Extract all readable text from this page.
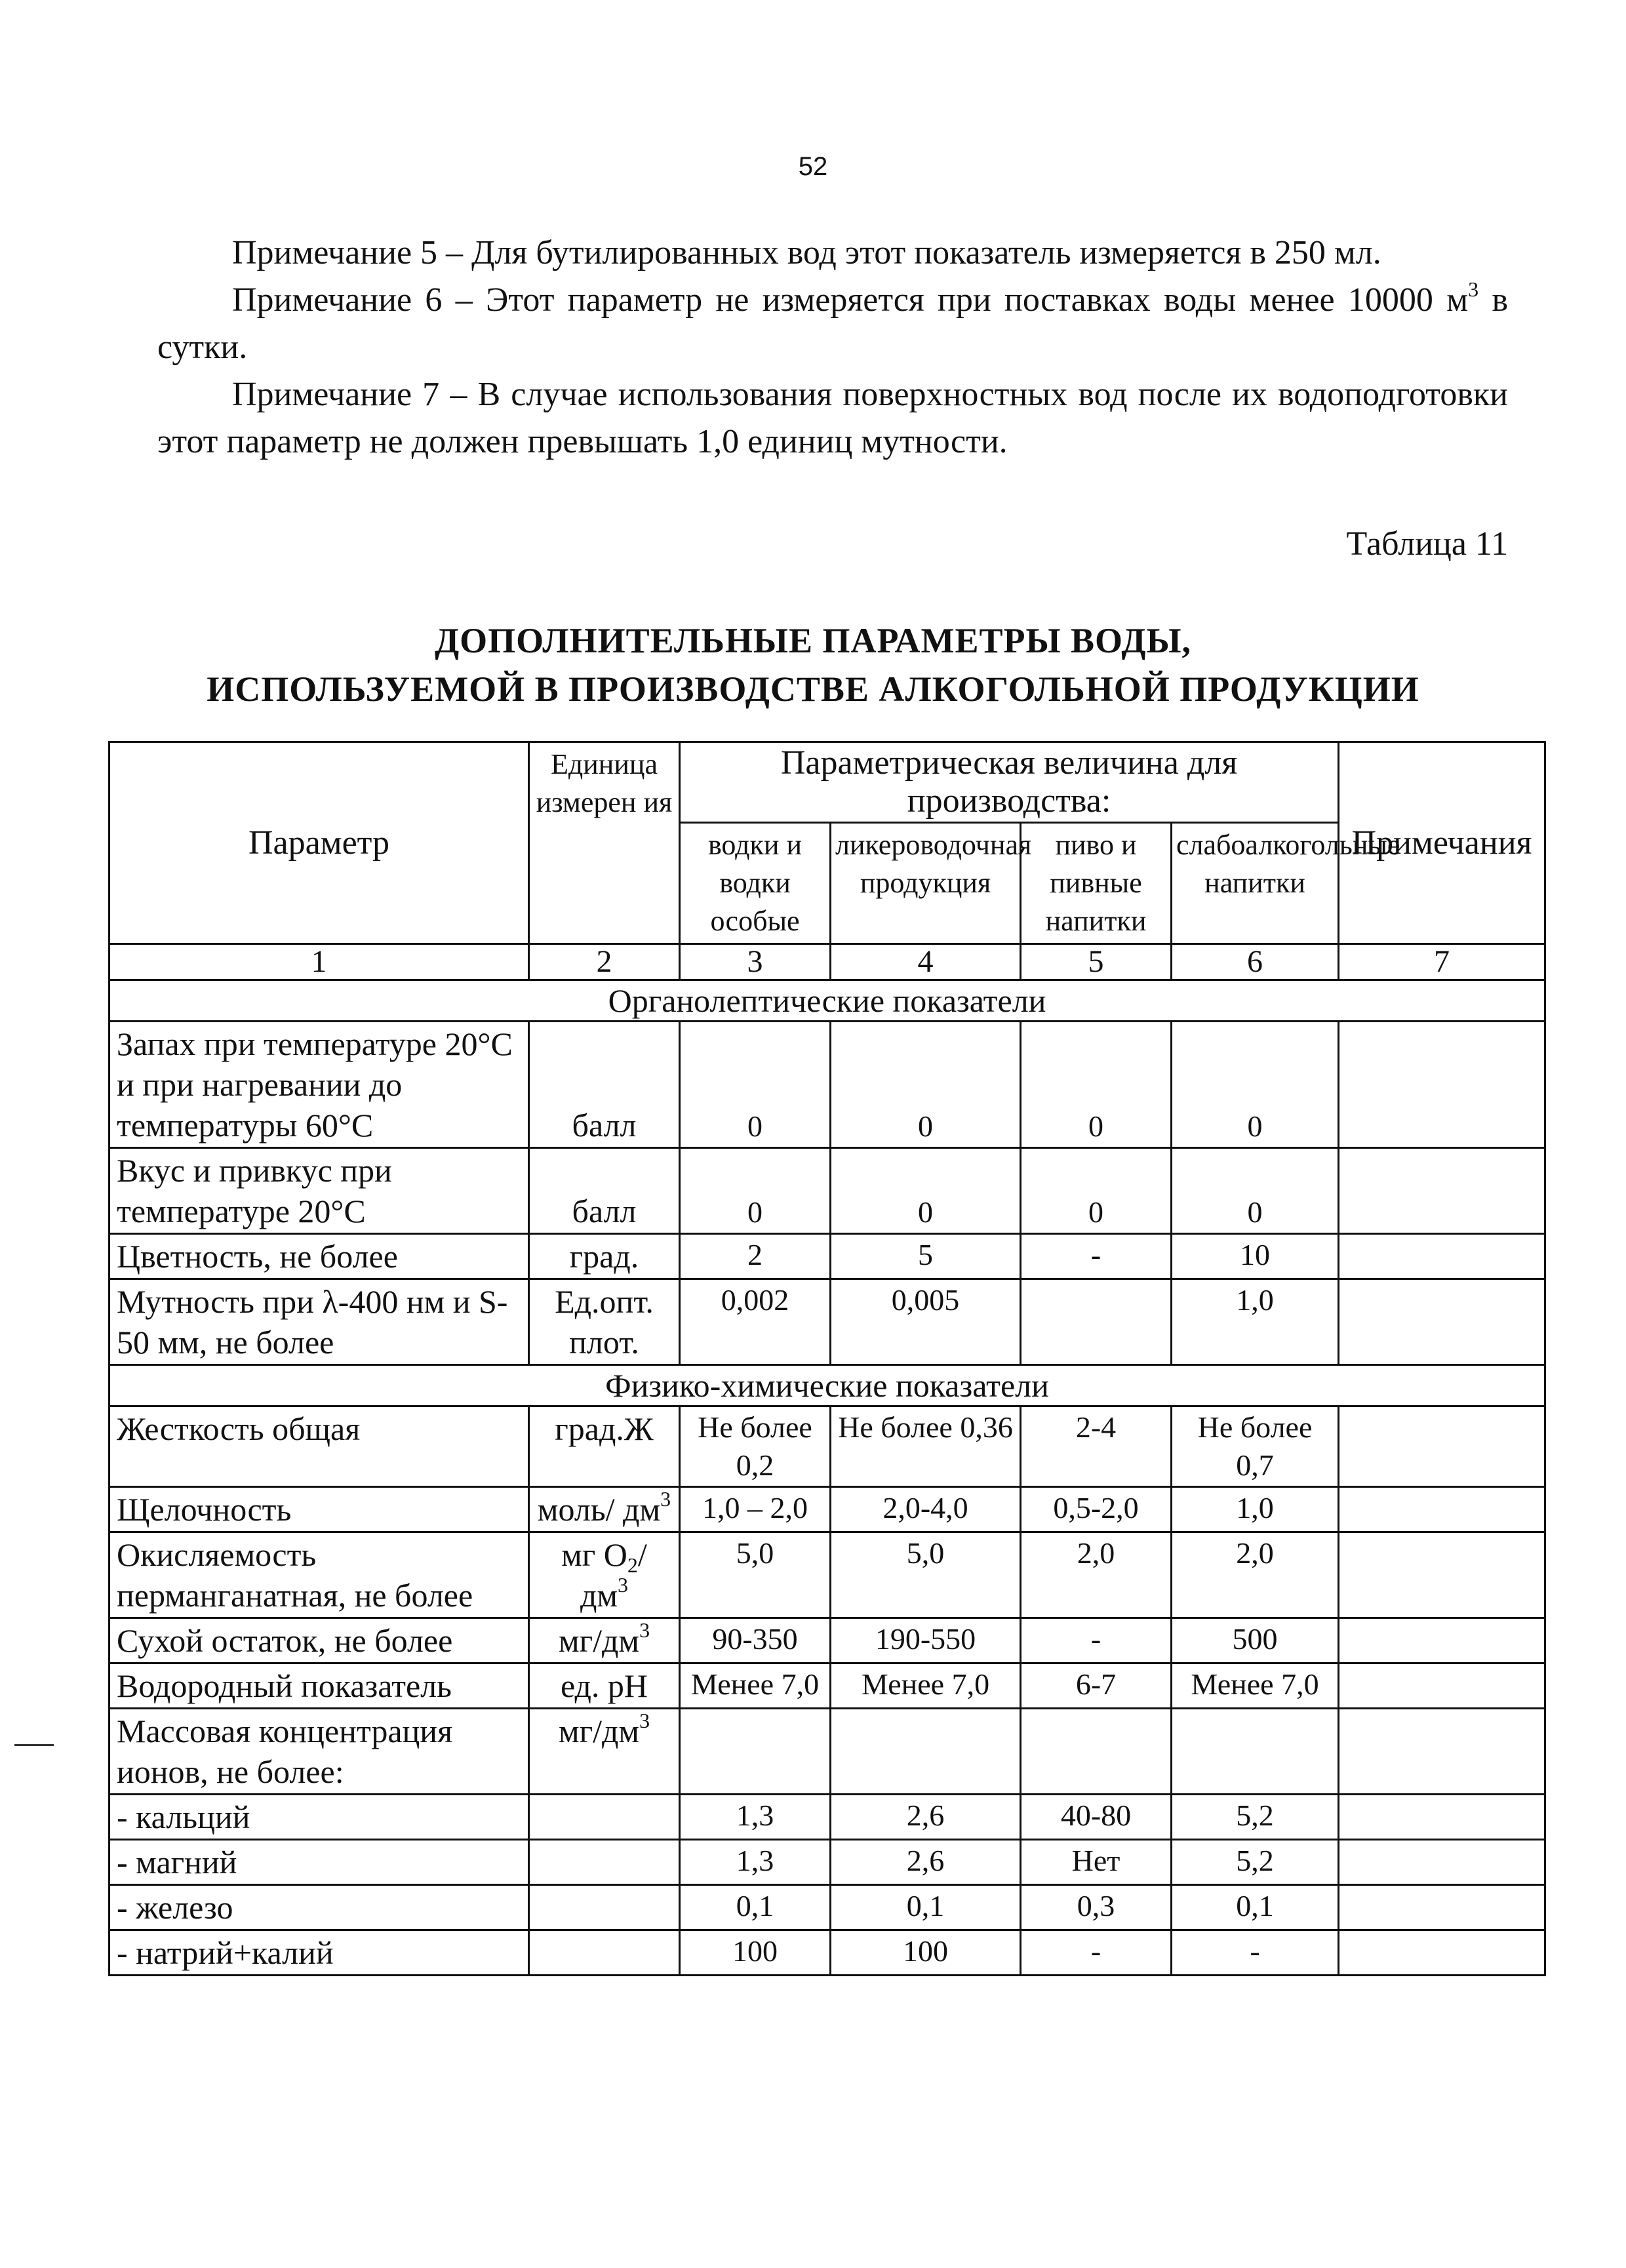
52

Примечание 5 – Для бутилированных вод этот показатель измеряется в 250 мл.

Примечание 6 – Этот параметр не измеряется при поставках воды менее 10000 $м^3$ в сутки.

Примечание 7 – В случае использования поверхностных вод после их водоподготовки этот параметр не должен превышать 1,0 единиц мутности.

Таблица 11
ДОПОЛНИТЕЛЬНЫЕ ПАРАМЕТРЫ ВОДЫ,
ИСПОЛЬЗУЕМОЙ В ПРОИЗВОДСТВЕ АЛКОГОЛЬНОЙ ПРОДУКЦИИ
Параметр	Единица измерен ия	Параметрическая величина для производства:				Примечания
		водки и водки особые	ликероводочная продукция	пиво и пивные напитки	слабоалкогольные напитки	
1	2	3	4	5	6	7
Органолептические показатели						
Запах при температуре 20°С и при нагревании до температуры 60°С	балл	0	0	0	0	
Вкус и привкус при температуре 20°С	балл	0	0	0	0	
Цветность, не более	град.	2	5	-	10	
Мутность при λ-400 нм и S-50 мм, не более	Ед.опт. плот.	0,002	0,005		1,0	
Физико-химические показатели						
Жесткость общая	град.Ж	Не более 0,2	Не более 0,36	2-4	Не более 0,7	
Щелочность	моль/ $дм^3$	1,0 – 2,0	2,0-4,0	0,5-2,0	1,0	
Окисляемость перманганатная, не более	мг $O_2/$ $дм^3$	5,0	5,0	2,0	2,0	
Сухой остаток, не более	$мг/дм^3$	90-350	190-550	-	500	
Водородный показатель	ед. pH	Менее 7,0	Менее 7,0	6-7	Менее 7,0	
Массовая концентрация ионов, не более:	$мг/дм^3$					
- кальций		1,3	2,6	40-80	5,2	
- магний		1,3	2,6	Нет	5,2	
- железо		0,1	0,1	0,3	0,1	
- натрий+калий		100	100	-	-	
